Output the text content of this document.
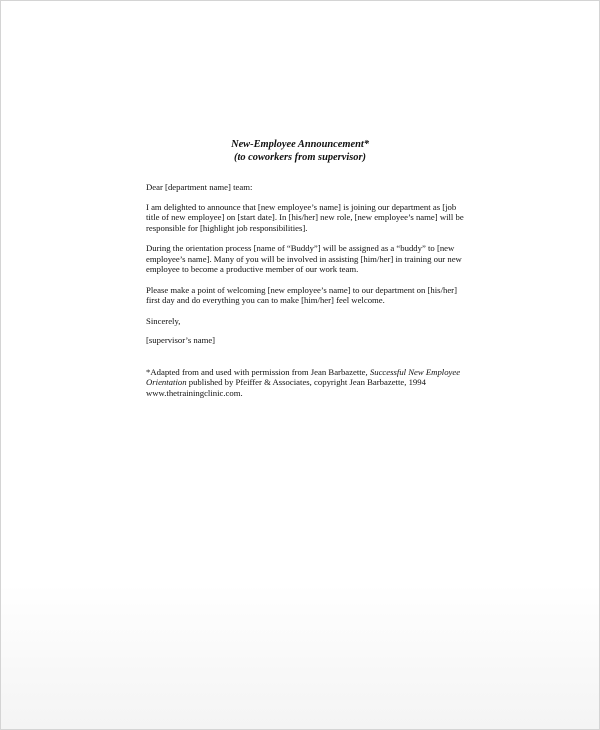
New-Employee Announcement*
(to coworkers from supervisor)

Dear [department name] team:

I am delighted to announce that [new employee’s name] is joining our department as [job title of new employee] on [start date]. In [his/her] new role, [new employee’s name] will be responsible for [highlight job responsibilities].

During the orientation process [name of “Buddy”] will be assigned as a “buddy” to [new employee’s name]. Many of you will be involved in assisting [him/her] in training our new employee to become a productive member of our work team.

Please make a point of welcoming [new employee’s name] to our department on [his/her] first day and do everything you can to make [him/her] feel welcome.

Sincerely,

[supervisor’s name]

*Adapted from and used with permission from Jean Barbazette, Successful New Employee Orientation published by Pfeiffer & Associates, copyright Jean Barbazette, 1994 www.thetrainingclinic.com.
